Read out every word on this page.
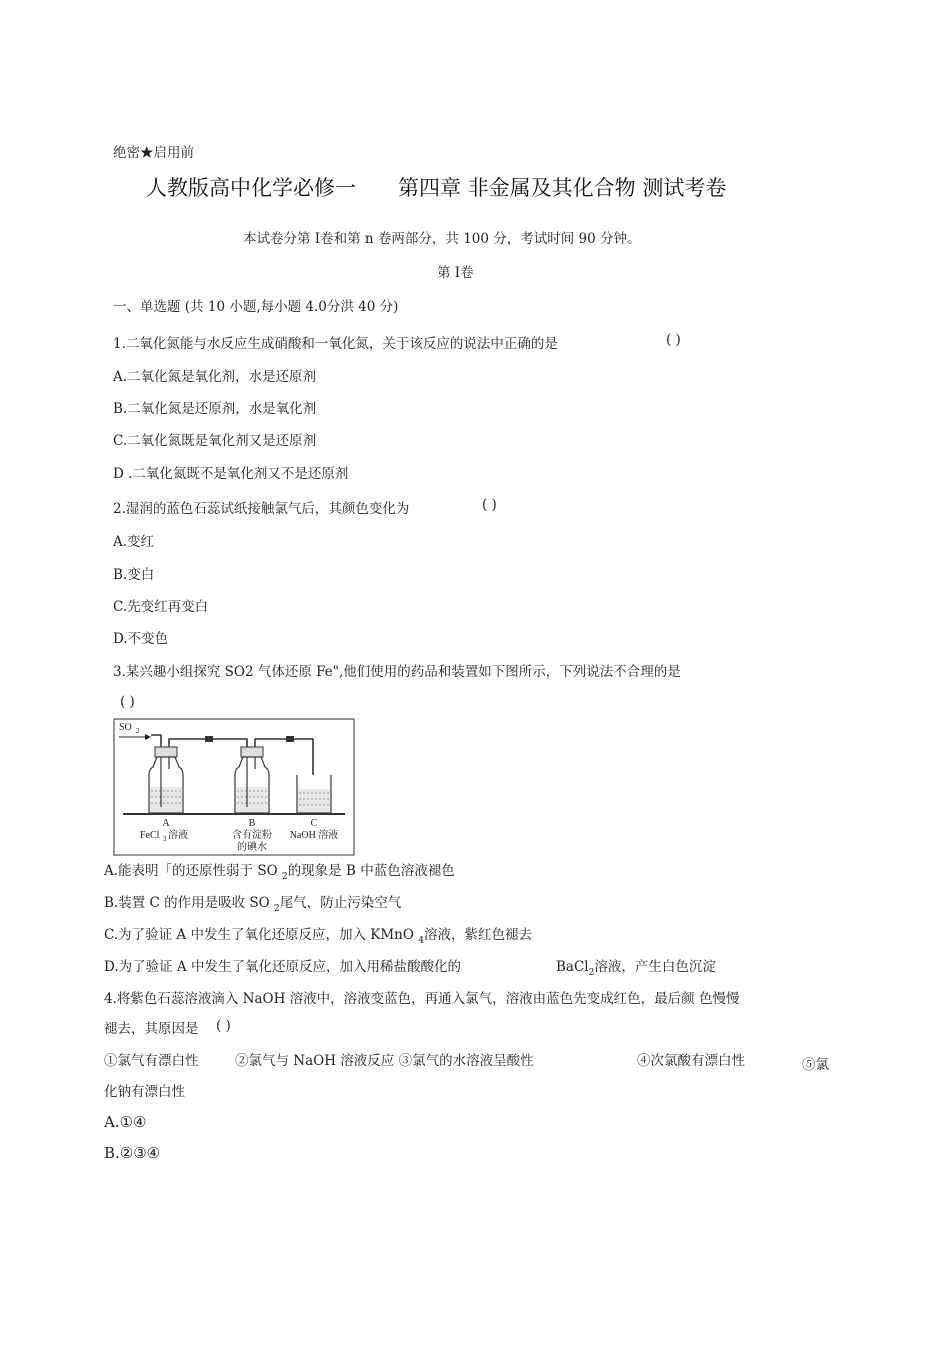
绝密★启用前
人教版高中化学必修一 第四章 非金属及其化合物 测试考卷
本试卷分第 I卷和第 n 卷两部分，共 100 分，考试时间 90 分钟。
第 I卷
一、单选题 (共 10 小题,每小题 4.0分洪 40 分)
1.二氧化氮能与水反应生成硝酸和一氧化氮，关于该反应的说法中正确的是	( )
A.二氧化氮是氧化剂，水是还原剂
B.二氧化氮是还原剂，水是氧化剂
C.二氧化氮既是氧化剂又是还原剂
D .二氧化氮既不是氧化剂又不是还原剂
2.湿润的蓝色石蕊试纸接触氯气后，其颜色变化为	( )
A.变红
B.变白
C.先变红再变白
D.不变色
3.某兴趣小组探究 SO2 气体还原 Fe",他们使用的药品和装置如下图所示，下列说法不合理的是
( )
SO 2
A
FeCl 3 溶液
B
含有淀粉
的碘水
C
NaOH 溶液
A.能表明「的还原性弱于 SO $_2$的现象是 B 中蓝色溶液褪色
B.装置 C 的作用是吸收 SO $_2$尾气，防止污染空气
C.为了验证 A 中发生了氧化还原反应，加入 KMnO $_4$溶液，紫红色褪去
D.为了验证 A 中发生了氧化还原反应，加入用稀盐酸酸化的	BaCl$_2$溶液，产生白色沉淀
4.将紫色石蕊溶液滴入 NaOH 溶液中，溶液变蓝色，再通入氯气，溶液由蓝色先变成红色，最后颜 色慢慢
褪去，其原因是 ( )
①氯气有漂白性	②氯气与 NaOH 溶液反应 ③氯气的水溶液呈酸性	④次氯酸有漂白性	⑤氯
化钠有漂白性
A.①④
B.②③④
